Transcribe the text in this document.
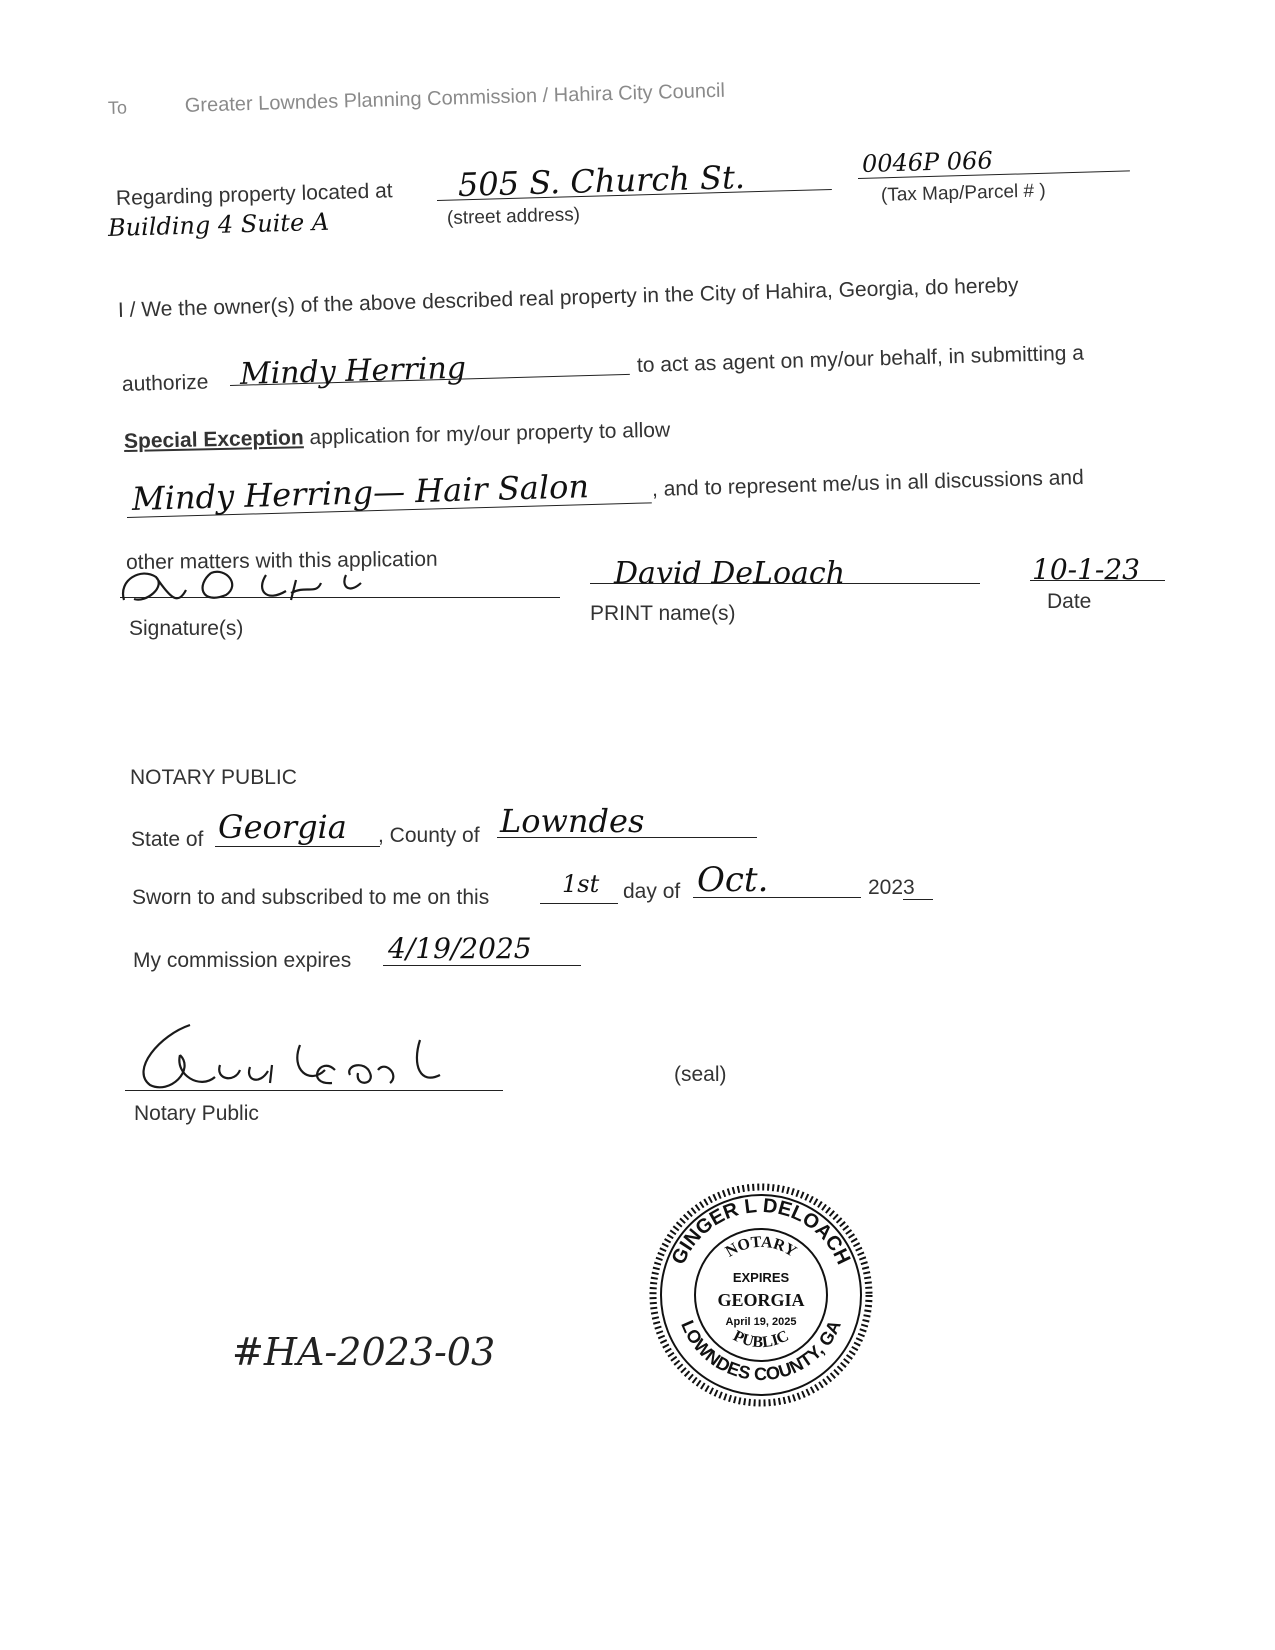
To	Greater Lowndes Planning Commission / Hahira City Council
Regarding property located at
Building 4 Suite A
505 S. Church St.
(street address)
0046P 066
(Tax Map/Parcel # )
I / We the owner(s) of the above described real property in the City of Hahira, Georgia, do hereby
authorize Mindy Herring	to act as agent on my/our behalf, in submitting a
Special Exception application for my/our property to allow
Mindy Herring— Hair Salon	, and to represent me/us in all discussions and
other matters with this application
Signature(s)
David DeLoach
PRINT name(s)
10-1-23
Date
NOTARY PUBLIC
State of Georgia , County of Lowndes
Sworn to and subscribed to me on this	1st day of Oct.	2023
My commission expires 4/19/2025
Notary Public
(seal)
GINGER L DELOACH
LOWNDES COUNTY, GA
NOTARY
PUBLIC
EXPIRES
GEORGIA
April 19, 2025
#HA-2023-03
